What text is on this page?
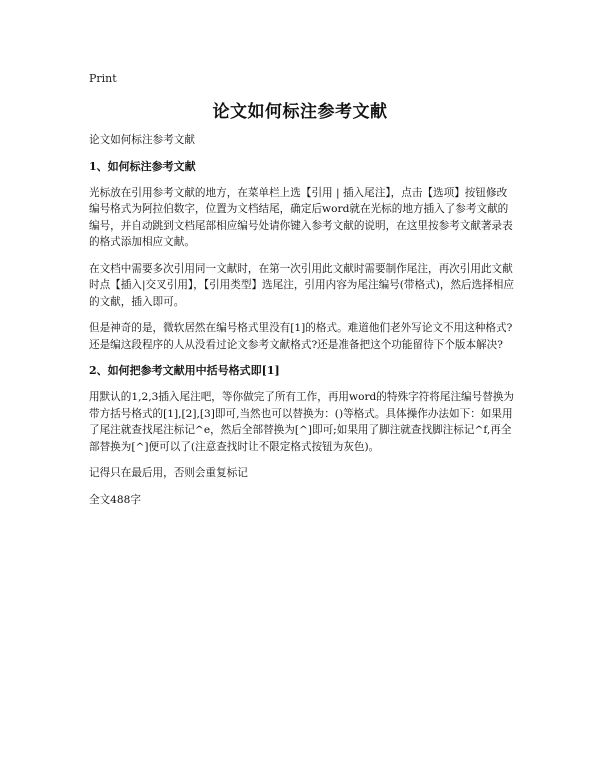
Print
论文如何标注参考文献

论文如何标注参考文献

1、如何标注参考文献

光标放在引用参考文献的地方，在菜单栏上选【引用 | 插入尾注】，点击【选项】按钮修改编号格式为阿拉伯数字，位置为文档结尾，确定后word就在光标的地方插入了参考文献的编号，并自动跳到文档尾部相应编号处请你键入参考文献的说明，在这里按参考文献著录表的格式添加相应文献。

在文档中需要多次引用同一文献时，在第一次引用此文献时需要制作尾注，再次引用此文献时点【插入|交叉引用】，【引用类型】选尾注，引用内容为尾注编号(带格式)，然后选择相应的文献，插入即可。

但是神奇的是，微软居然在编号格式里没有[1]的格式。难道他们老外写论文不用这种格式?还是编这段程序的人从没看过论文参考文献格式?还是准备把这个功能留待下个版本解决?

2、如何把参考文献用中括号格式即[1]

用默认的1,2,3插入尾注吧，等你做完了所有工作，再用word的特殊字符将尾注编号替换为带方括号格式的[1],[2],[3]即可,当然也可以替换为：()等格式。具体操作办法如下：如果用了尾注就查找尾注标记^e，然后全部替换为[^]即可;如果用了脚注就查找脚注标记^f,再全部替换为[^]便可以了(注意查找时让不限定格式按钮为灰色)。

记得只在最后用，否则会重复标记

全文488字
